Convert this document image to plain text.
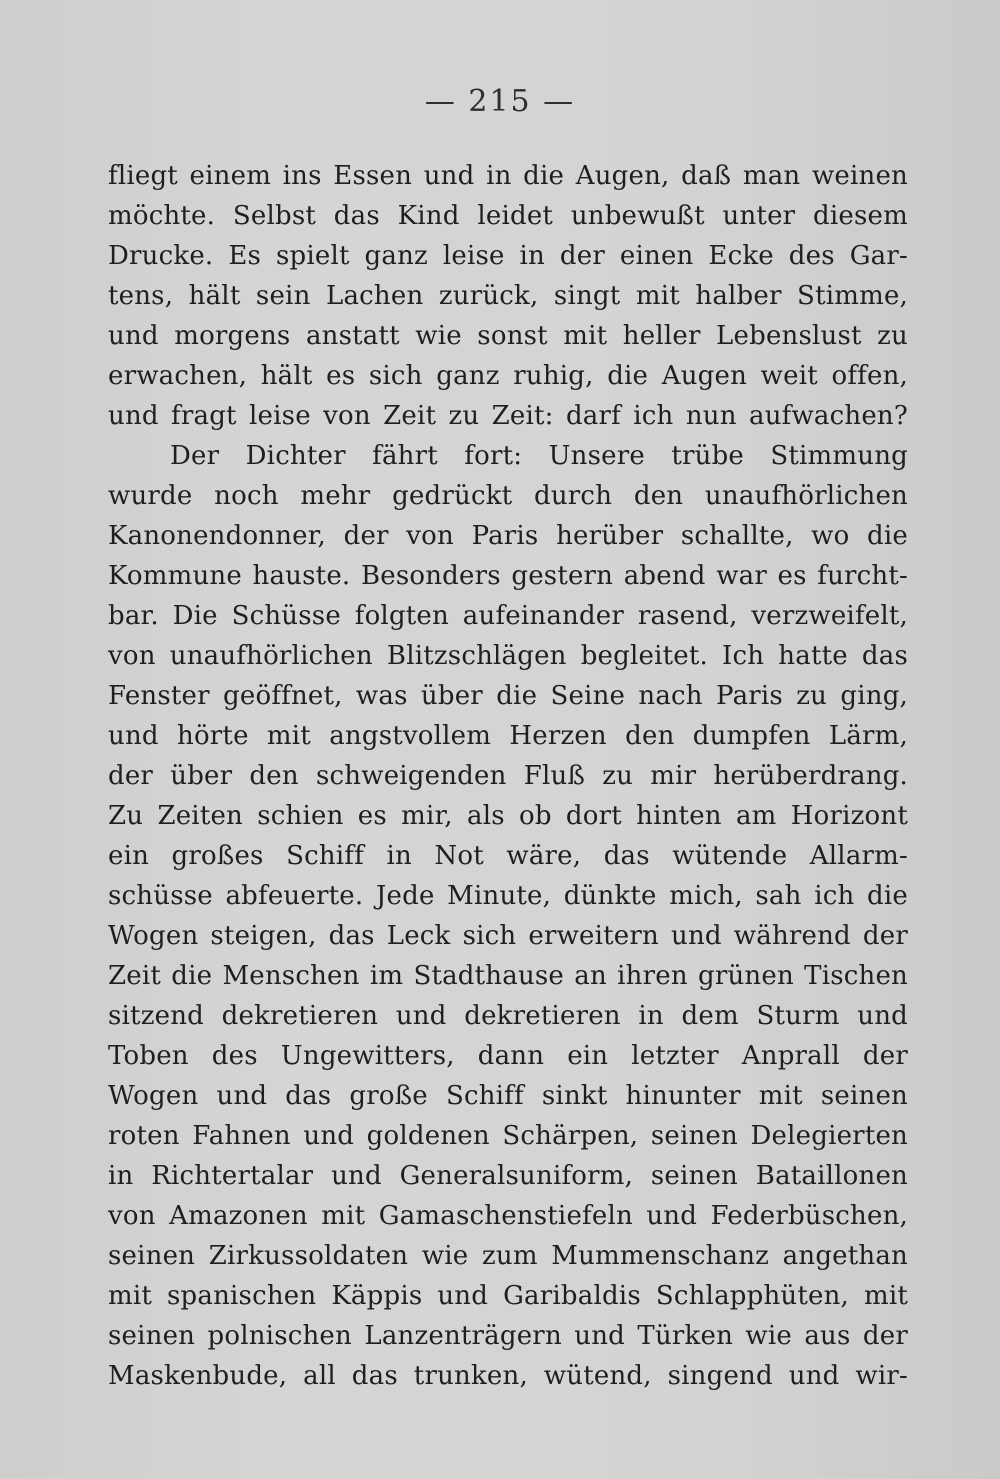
— 215 —
fliegt einem ins Essen und in die Augen, daß man weinen
möchte. Selbst das Kind leidet unbewußt unter diesem
Drucke. Es spielt ganz leise in der einen Ecke des Gar-
tens, hält sein Lachen zurück, singt mit halber Stimme,
und morgens anstatt wie sonst mit heller Lebenslust zu
erwachen, hält es sich ganz ruhig, die Augen weit offen,
und fragt leise von Zeit zu Zeit: darf ich nun aufwachen?
Der Dichter fährt fort: Unsere trübe Stimmung
wurde noch mehr gedrückt durch den unaufhörlichen
Kanonendonner, der von Paris herüber schallte, wo die
Kommune hauste. Besonders gestern abend war es furcht-
bar. Die Schüsse folgten aufeinander rasend, verzweifelt,
von unaufhörlichen Blitzschlägen begleitet. Ich hatte das
Fenster geöffnet, was über die Seine nach Paris zu ging,
und hörte mit angstvollem Herzen den dumpfen Lärm,
der über den schweigenden Fluß zu mir herüberdrang.
Zu Zeiten schien es mir, als ob dort hinten am Horizont
ein großes Schiff in Not wäre, das wütende Allarm-
schüsse abfeuerte. Jede Minute, dünkte mich, sah ich die
Wogen steigen, das Leck sich erweitern und während der
Zeit die Menschen im Stadthause an ihren grünen Tischen
sitzend dekretieren und dekretieren in dem Sturm und
Toben des Ungewitters, dann ein letzter Anprall der
Wogen und das große Schiff sinkt hinunter mit seinen
roten Fahnen und goldenen Schärpen, seinen Delegierten
in Richtertalar und Generalsuniform, seinen Bataillonen
von Amazonen mit Gamaschenstiefeln und Federbüschen,
seinen Zirkussoldaten wie zum Mummenschanz angethan
mit spanischen Käppis und Garibaldis Schlapphüten, mit
seinen polnischen Lanzenträgern und Türken wie aus der
Maskenbude, all das trunken, wütend, singend und wir-
